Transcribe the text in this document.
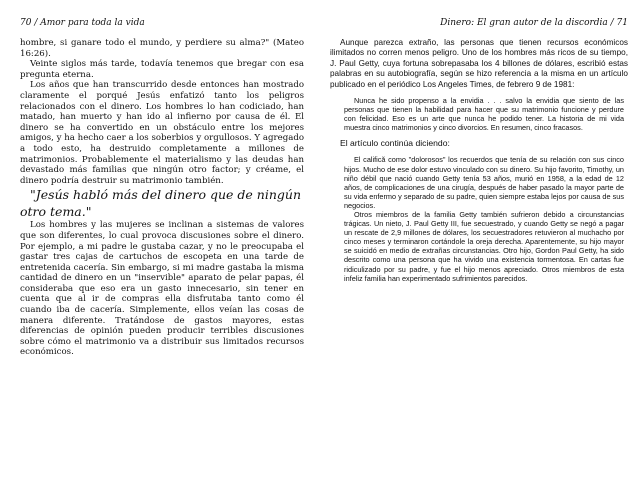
70 / Amor para toda la vida

hombre, si ganare todo el mundo, y perdiere su alma?" (Mateo 16:26).

Veinte siglos más tarde, todavía tenemos que bregar con esa pregunta eterna.

Los años que han transcurrido desde entonces han mostrado claramente el porqué Jesús enfatizó tanto los peligros relacionados con el dinero. Los hombres lo han codiciado, han matado, han muerto y han ido al infierno por causa de él. El dinero se ha convertido en un obstáculo entre los mejores amigos, y ha hecho caer a los soberbios y orgullosos. Y agregado a todo esto, ha destruido completamente a millones de matrimonios. Probablemente el materialismo y las deudas han devastado más familias que ningún otro factor; y créame, el dinero podría destruir su matrimonio también.

"Jesús habló más del dinero que de ningún otro tema."

Los hombres y las mujeres se inclinan a sistemas de valores que son diferentes, lo cual provoca discusiones sobre el dinero. Por ejemplo, a mi padre le gustaba cazar, y no le preocupaba el gastar tres cajas de cartuchos de escopeta en una tarde de entretenida cacería. Sin embargo, si mi madre gastaba la misma cantidad de dinero en un "inservible" aparato de pelar papas, él consideraba que eso era un gasto innecesario, sin tener en cuenta que al ir de compras ella disfrutaba tanto como él cuando iba de cacería. Simplemente, ellos veían las cosas de manera diferente. Tratándose de gastos mayores, estas diferencias de opinión pueden producir terribles discusiones sobre cómo el matrimonio va a distribuir sus limitados recursos económicos.

Dinero: El gran autor de la discordia / 71

Aunque parezca extraño, las personas que tienen recursos económicos ilimitados no corren menos peligro. Uno de los hombres más ricos de su tiempo, J. Paul Getty, cuya fortuna sobrepasaba los 4 billones de dólares, escribió estas palabras en su autobiografía, según se hizo referencia a la misma en un artículo publicado en el periódico Los Angeles Times, de febrero 9 de 1981:

Nunca he sido propenso a la envidia . . . salvo la envidia que siento de las personas que tienen la habilidad para hacer que su matrimonio funcione y perdure con felicidad. Eso es un arte que nunca he podido tener. La historia de mi vida muestra cinco matrimonios y cinco divorcios. En resumen, cinco fracasos.

El artículo continúa diciendo:

El califică como "dolorosos" los recuerdos que tenía de su relación con sus cinco hijos. Mucho de ese dolor estuvo vinculado con su dinero. Su hijo favorito, Timothy, un niño débil que nació cuando Getty tenía 53 años, murió en 1958, a la edad de 12 años, de complicaciones de una cirugía, después de haber pasado la mayor parte de su vida enfermo y separado de su padre, quien siempre estaba lejos por causa de sus negocios.

Otros miembros de la familia Getty también sufrieron debido a circunstancias trágicas. Un nieto, J. Paul Getty III, fue secuestrado, y cuando Getty se negó a pagar un rescate de 2,9 millones de dólares, los secuestradores retuvieron al muchacho por cinco meses y terminaron cortándole la oreja derecha. Aparentemente, su hijo mayor se suicidó en medio de extrañas circunstancias. Otro hijo, Gordon Paul Getty, ha sido descrito como una persona que ha vivido una existencia tormentosa. En cartas fue ridiculizado por su padre, y fue el hijo menos apreciado. Otros miembros de esta infeliz familia han experimentado sufrimientos parecidos.
